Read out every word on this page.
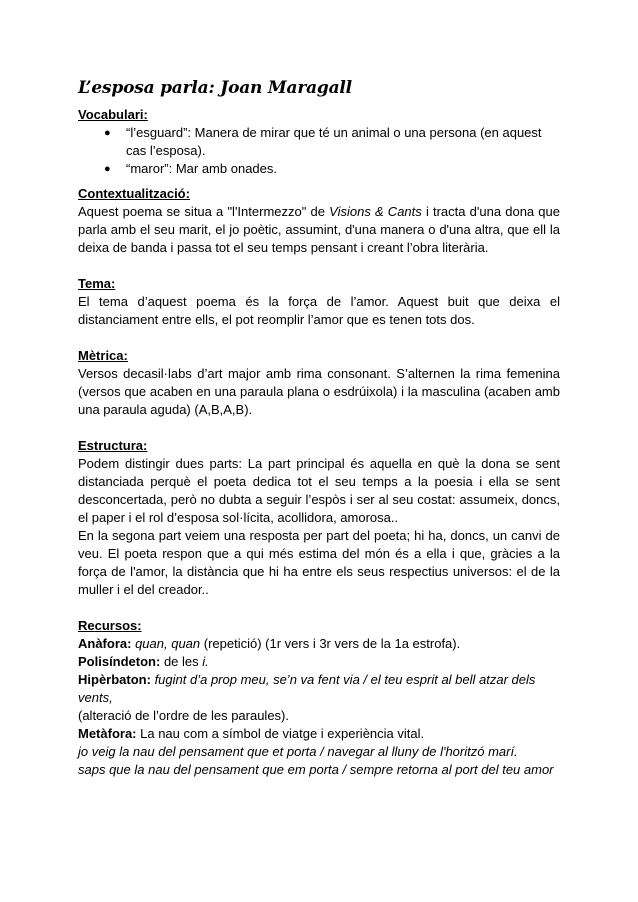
L’esposa parla: Joan Maragall
Vocabulari:
● “l’esguard”: Manera de mirar que té un animal o una persona (en aquest cas l’esposa).
● “maror”: Mar amb onades.
Contextualització:
Aquest poema se situa a "l'Intermezzo" de Visions & Cants i tracta d'una dona que parla amb el seu marit, el jo poètic, assumint, d'una manera o d'una altra, que ell la deixa de banda i passa tot el seu temps pensant i creant l’obra literària.
Tema:
El tema d’aquest poema és la força de l’amor. Aquest buit que deixa el distanciament entre ells, el pot reomplir l’amor que es tenen tots dos.
Mètrica:
Versos decasil·labs d’art major amb rima consonant. S’alternen la rima femenina (versos que acaben en una paraula plana o esdrúixola) i la masculina (acaben amb una paraula aguda) (A,B,A,B).
Estructura:
Podem distingir dues parts: La part principal és aquella en què la dona se sent distanciada perquè el poeta dedica tot el seu temps a la poesia i ella se sent desconcertada, però no dubta a seguir l’espòs i ser al seu costat: assumeix, doncs, el paper i el rol d’esposa sol·lícita, acollidora, amorosa..
En la segona part veiem una resposta per part del poeta; hi ha, doncs, un canvi de veu. El poeta respon que a qui més estima del món és a ella i que, gràcies a la força de l'amor, la distància que hi ha entre els seus respectius universos: el de la muller i el del creador..
Recursos:
Anàfora: quan, quan (repetició) (1r vers i 3r vers de la 1a estrofa).
Polisíndeton: de les i.
Hipèrbaton: fugint d’a prop meu, se’n va fent via / el teu esprit al bell atzar dels vents,
(alteració de l’ordre de les paraules).
Metàfora: La nau com a símbol de viatge i experiència vital.
jo veig la nau del pensament que et porta / navegar al lluny de l'horitzó marí.
saps que la nau del pensament que em porta / sempre retorna al port del teu amor
